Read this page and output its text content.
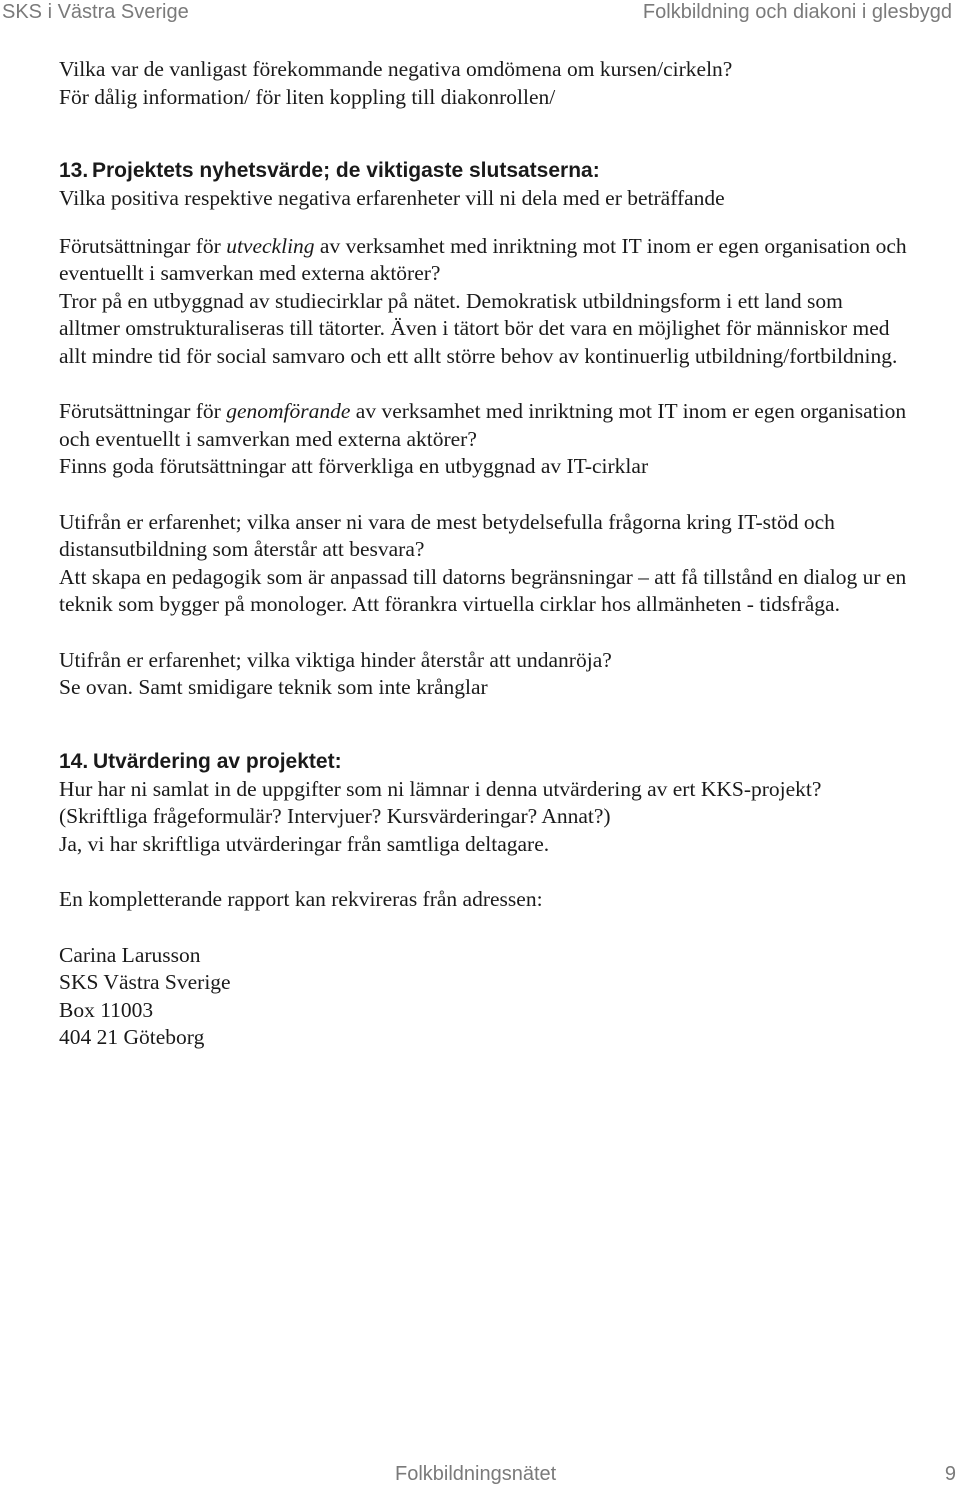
SKS i Västra Sverige	Folkbildning och diakoni i glesbygd

Vilka var de vanligast förekommande negativa omdömena om kursen/cirkeln?

För dålig information/ för liten koppling till diakonrollen/

13. Projektets nyhetsvärde; de viktigaste slutsatserna:

Vilka positiva respektive negativa erfarenheter vill ni dela med er beträffande

Förutsättningar för utveckling av verksamhet med inriktning mot IT inom er egen organisation och eventuellt i samverkan med externa aktörer?

Tror på en utbyggnad av studiecirklar på nätet. Demokratisk utbildningsform i ett land som alltmer omstrukturaliseras till tätorter. Även i tätort bör det vara en möjlighet för människor med allt mindre tid för social samvaro och ett allt större behov av kontinuerlig utbildning/fortbildning.

Förutsättningar för genomförande av verksamhet med inriktning mot IT inom er egen organisation och eventuellt i samverkan med externa aktörer?

Finns goda förutsättningar att förverkliga en utbyggnad av IT-cirklar

Utifrån er erfarenhet; vilka anser ni vara de mest betydelsefulla frågorna kring IT-stöd och distansutbildning som återstår att besvara?

Att skapa en pedagogik som är anpassad till datorns begränsningar – att få tillstånd en dialog ur en teknik som bygger på monologer. Att förankra virtuella cirklar hos allmänheten - tidsfråga.

Utifrån er erfarenhet; vilka viktiga hinder återstår att undanröja?

Se ovan. Samt smidigare teknik som inte krånglar

14. Utvärdering av projektet:

Hur har ni samlat in de uppgifter som ni lämnar i denna utvärdering av ert KKS-projekt? (Skriftliga frågeformulär? Intervjuer? Kursvärderingar? Annat?)

Ja, vi har skriftliga utvärderingar från samtliga deltagare.

En kompletterande rapport kan rekvireras från adressen:

Carina Larusson

SKS Västra Sverige

Box 11003

404 21 Göteborg

Folkbildningsnätet	9
